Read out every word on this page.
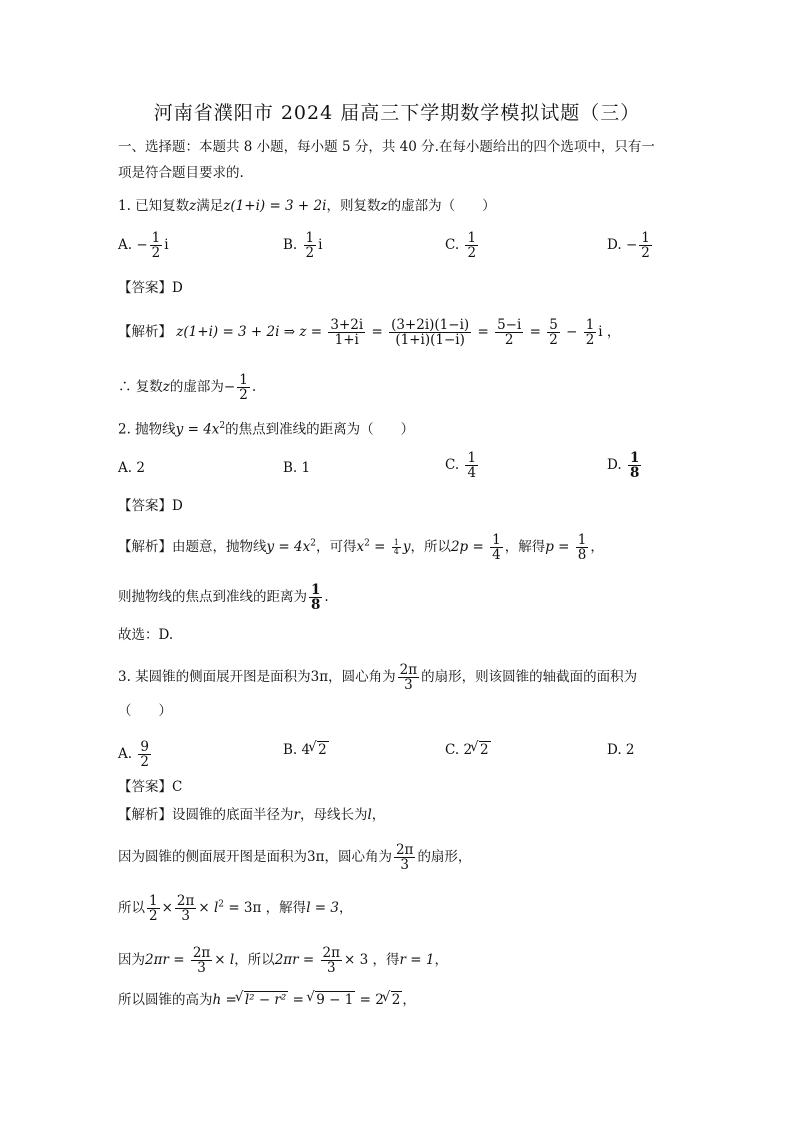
河南省濮阳市 2024 届高三下学期数学模拟试题（三）
一、选择题：本题共 8 小题，每小题 5 分，共 40 分.在每小题给出的四个选项中，只有一
项是符合题目要求的.
1. 已知复数z满足z(1+i) = 3 + 2i，则复数z的虚部为（　　）
A. − $\frac{1}{2}$ i	B. $\frac{1}{2}$ i	C. $\frac{1}{2}$	D. − $\frac{1}{2}$
【答案】D
【解析】 z(1+i) = 3 + 2i ⇒ $z = \frac{3+2i}{1+i} = \frac{(3+2i)(1-i)}{(1+i)(1-i)} = \frac{5-i}{2} = \frac{5}{2} - \frac{1}{2}$ i ，
∴ 复数z的虚部为− $\frac{1}{2}$ .
2. 抛物线$y = 4x^2$的焦点到准线的距离为（　　）
A. 2	B. 1	C. $\frac{1}{4}$	D. $\frac{1}{8}$
【答案】D
【解析】由题意，抛物线$y = 4x^2$，可得$x^2 = \frac{1}{4}$ y，所以$2p = \frac{1}{4}$ ，解得$p = \frac{1}{8}$ ，
则抛物线的焦点到准线的距离为 $\frac{1}{8}$ .
故选：D.
3. 某圆锥的侧面展开图是面积为3π，圆心角为 $\frac{2\pi}{3}$ 的扇形，则该圆锥的轴截面的面积为
（　　）
A. $\frac{9}{2}$	B. 4 √ 2	C. 2 √ 2	D. 2
【答案】C
【解析】设圆锥的底面半径为r，母线长为l，
因为圆锥的侧面展开图是面积为3π，圆心角为 $\frac{2\pi}{3}$ 的扇形，
所以 $\frac{1}{2} \times \frac{2\pi}{3} \times l^2 = 3\pi$ ，解得l = 3，
因为$2\pi r = \frac{2\pi}{3} \times l$，所以$2\pi r = \frac{2\pi}{3} \times 3$ ，得r = 1，
所以圆锥的高为h = √ l² − r² = √ 9 − 1 = 2 √ 2 ，
